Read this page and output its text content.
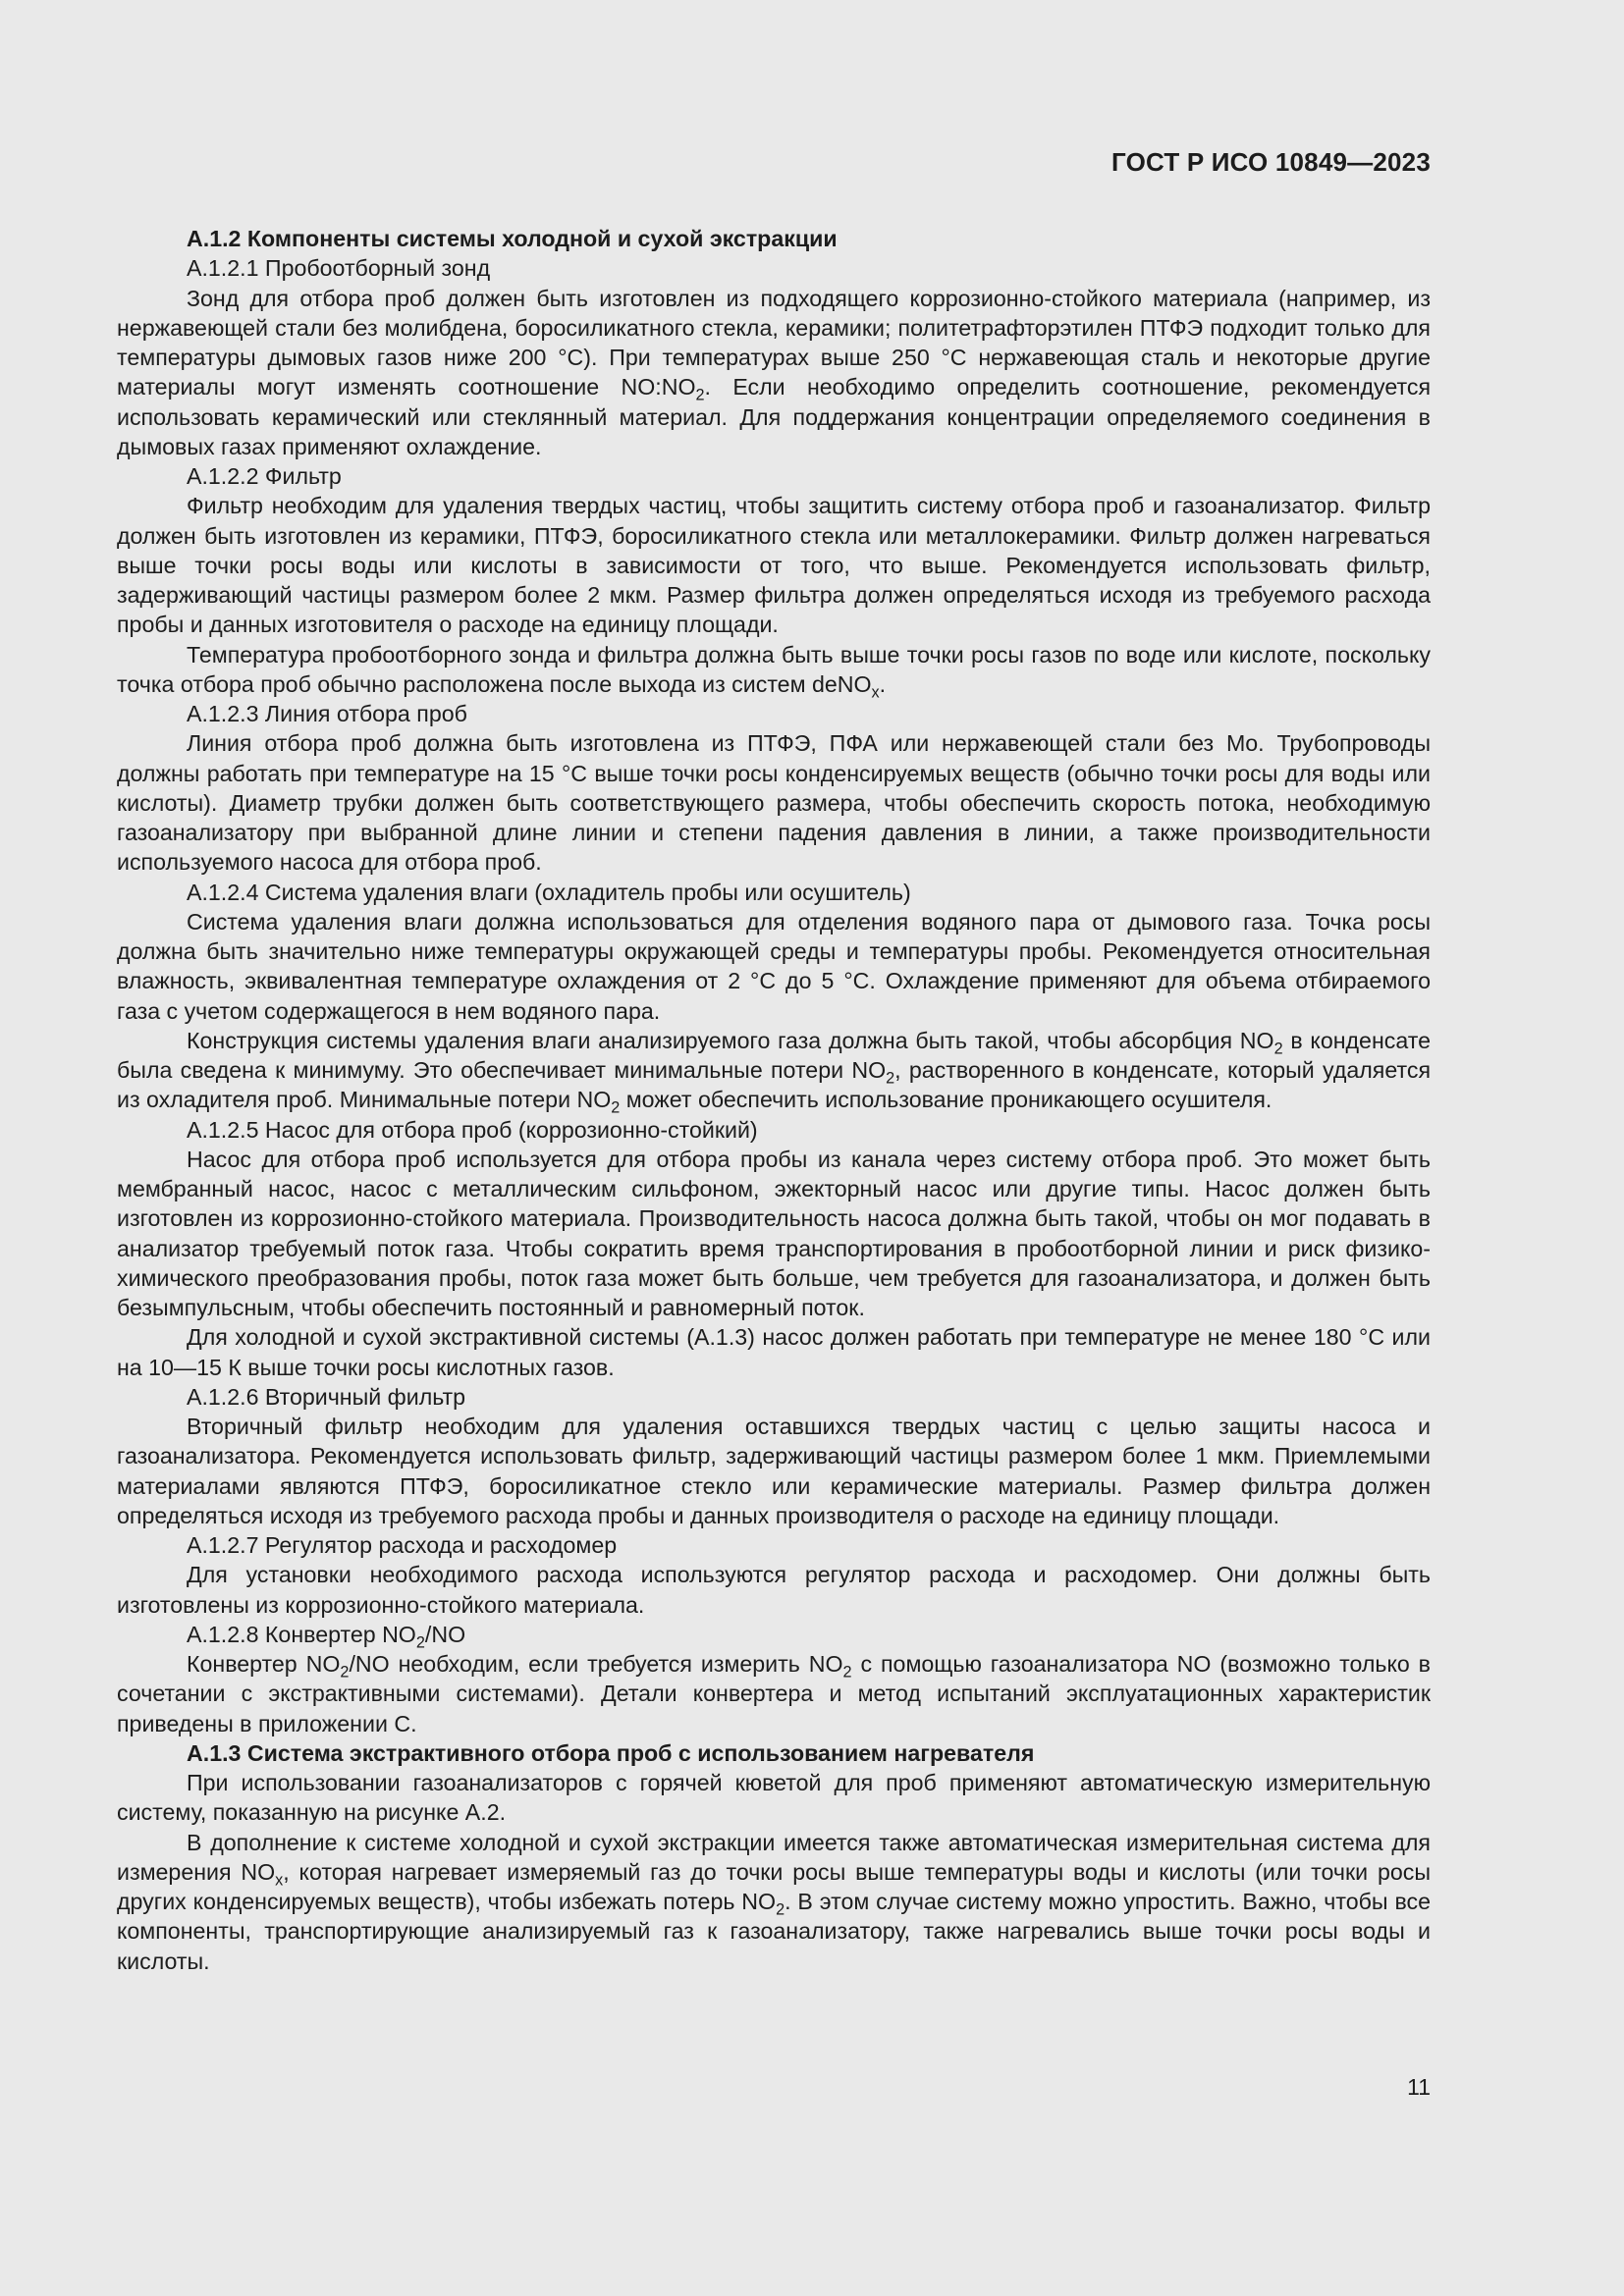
ГОСТ Р ИСО 10849—2023

А.1.2 Компоненты системы холодной и сухой экстракции

А.1.2.1 Пробоотборный зонд

Зонд для отбора проб должен быть изготовлен из подходящего коррозионно-стойкого материала (например, из нержавеющей стали без молибдена, боросиликатного стекла, керамики; политетрафторэтилен ПТФЭ подходит только для температуры дымовых газов ниже 200 °С). При температурах выше 250 °С нержавеющая сталь и некоторые другие материалы могут изменять соотношение $NO:NO_2$. Если необходимо определить соотношение, рекомендуется использовать керамический или стеклянный материал. Для поддержания концентрации определяемого соединения в дымовых газах применяют охлаждение.

А.1.2.2 Фильтр

Фильтр необходим для удаления твердых частиц, чтобы защитить систему отбора проб и газоанализатор. Фильтр должен быть изготовлен из керамики, ПТФЭ, боросиликатного стекла или металлокерамики. Фильтр должен нагреваться выше точки росы воды или кислоты в зависимости от того, что выше. Рекомендуется использовать фильтр, задерживающий частицы размером более 2 мкм. Размер фильтра должен определяться исходя из требуемого расхода пробы и данных изготовителя о расходе на единицу площади.

Температура пробоотборного зонда и фильтра должна быть выше точки росы газов по воде или кислоте, поскольку точка отбора проб обычно расположена после выхода из систем deNO$_x$.

А.1.2.3 Линия отбора проб

Линия отбора проб должна быть изготовлена из ПТФЭ, ПФА или нержавеющей стали без Mo. Трубопроводы должны работать при температуре на 15 °С выше точки росы конденсируемых веществ (обычно точки росы для воды или кислоты). Диаметр трубки должен быть соответствующего размера, чтобы обеспечить скорость потока, необходимую газоанализатору при выбранной длине линии и степени падения давления в линии, а также производительности используемого насоса для отбора проб.

А.1.2.4 Система удаления влаги (охладитель пробы или осушитель)

Система удаления влаги должна использоваться для отделения водяного пара от дымового газа. Точка росы должна быть значительно ниже температуры окружающей среды и температуры пробы. Рекомендуется относительная влажность, эквивалентная температуре охлаждения от 2 °С до 5 °С. Охлаждение применяют для объема отбираемого газа с учетом содержащегося в нем водяного пара.

Конструкция системы удаления влаги анализируемого газа должна быть такой, чтобы абсорбция $NO_2$ в конденсате была сведена к минимуму. Это обеспечивает минимальные потери $NO_2$, растворенного в конденсате, который удаляется из охладителя проб. Минимальные потери $NO_2$ может обеспечить использование проникающего осушителя.

А.1.2.5 Насос для отбора проб (коррозионно-стойкий)

Насос для отбора проб используется для отбора пробы из канала через систему отбора проб. Это может быть мембранный насос, насос с металлическим сильфоном, эжекторный насос или другие типы. Насос должен быть изготовлен из коррозионно-стойкого материала. Производительность насоса должна быть такой, чтобы он мог подавать в анализатор требуемый поток газа. Чтобы сократить время транспортирования в пробоотборной линии и риск физико-химического преобразования пробы, поток газа может быть больше, чем требуется для газоанализатора, и должен быть безымпульсным, чтобы обеспечить постоянный и равномерный поток.

Для холодной и сухой экстрактивной системы (А.1.3) насос должен работать при температуре не менее 180 °С или на 10—15 К выше точки росы кислотных газов.

А.1.2.6 Вторичный фильтр

Вторичный фильтр необходим для удаления оставшихся твердых частиц с целью защиты насоса и газоанализатора. Рекомендуется использовать фильтр, задерживающий частицы размером более 1 мкм. Приемлемыми материалами являются ПТФЭ, боросиликатное стекло или керамические материалы. Размер фильтра должен определяться исходя из требуемого расхода пробы и данных производителя о расходе на единицу площади.

А.1.2.7 Регулятор расхода и расходомер

Для установки необходимого расхода используются регулятор расхода и расходомер. Они должны быть изготовлены из коррозионно-стойкого материала.

А.1.2.8 Конвертер $NO_2/NO$

Конвертер $NO_2/NO$ необходим, если требуется измерить $NO_2$ с помощью газоанализатора NO (возможно только в сочетании с экстрактивными системами). Детали конвертера и метод испытаний эксплуатационных характеристик приведены в приложении С.

А.1.3 Система экстрактивного отбора проб с использованием нагревателя

При использовании газоанализаторов с горячей кюветой для проб применяют автоматическую измерительную систему, показанную на рисунке А.2.

В дополнение к системе холодной и сухой экстракции имеется также автоматическая измерительная система для измерения $NO_x$, которая нагревает измеряемый газ до точки росы выше температуры воды и кислоты (или точки росы других конденсируемых веществ), чтобы избежать потерь $NO_2$. В этом случае систему можно упростить. Важно, чтобы все компоненты, транспортирующие анализируемый газ к газоанализатору, также нагревались выше точки росы воды и кислоты.

11
